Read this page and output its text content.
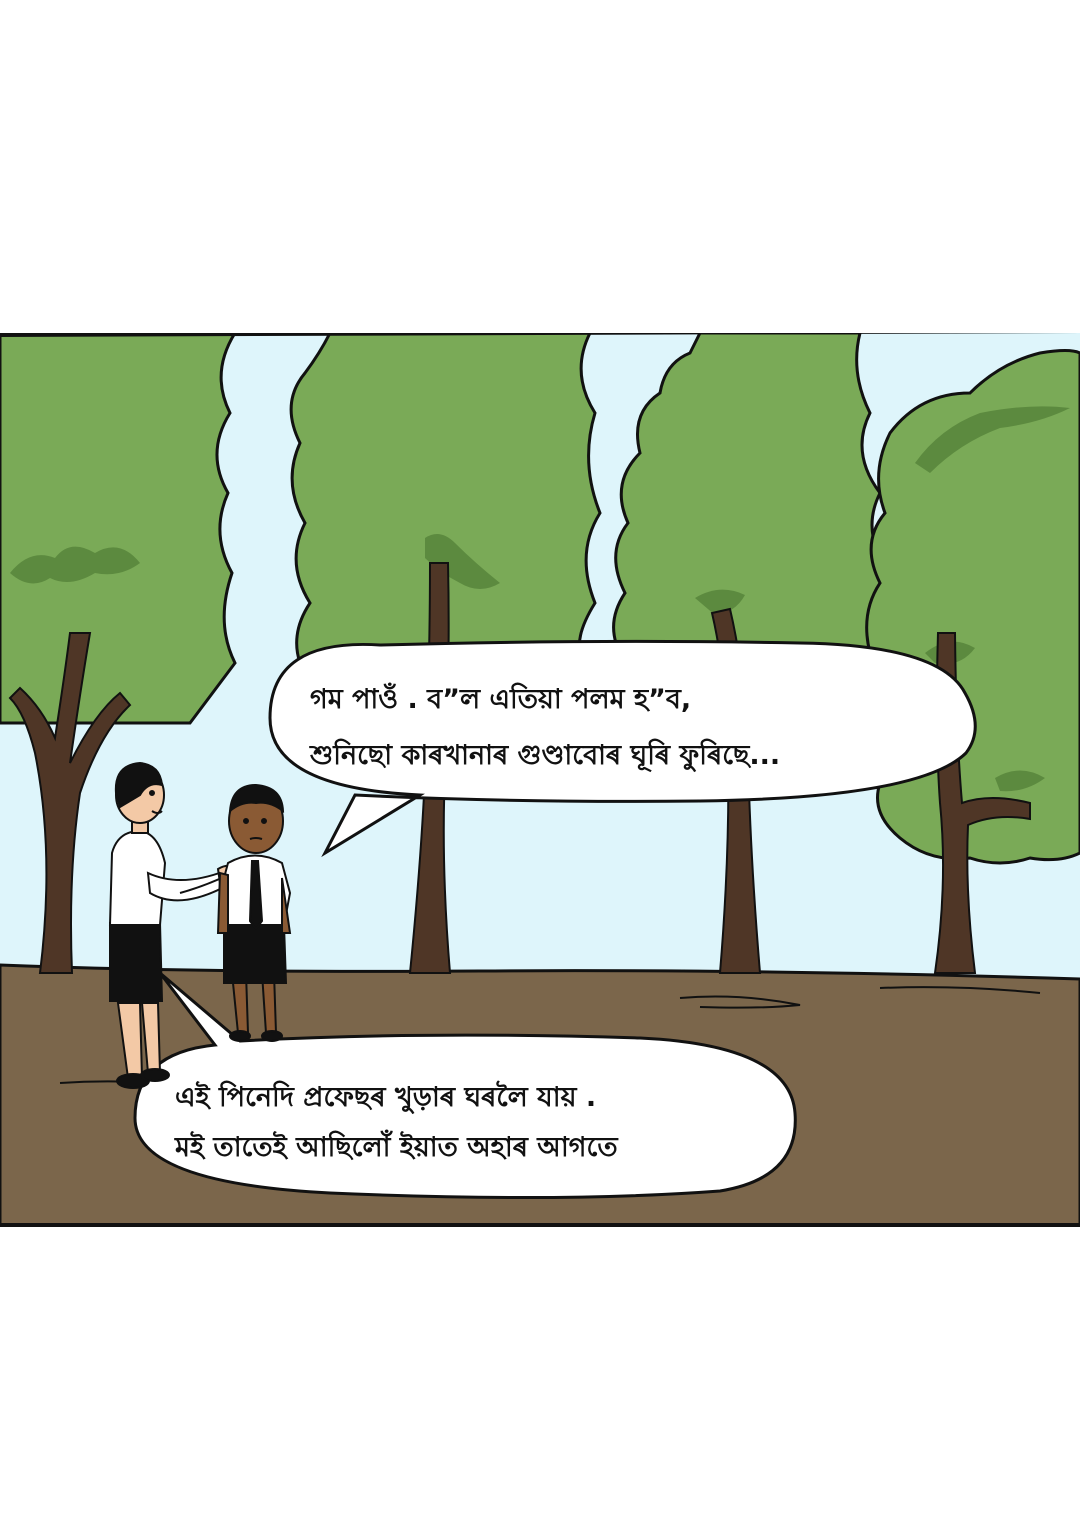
গম পাওঁ . ব”ল এতিয়া পলম হ”ব,

শুনিছো কাৰখানাৰ গুণ্ডাবোৰ ঘূৰি ফুৰিছে...

এই পিনেদি প্ৰফেছৰ খুড়াৰ ঘৰলৈ যায় .

মই তাতেই আছিলোঁ ইয়াত অহাৰ আগতে
